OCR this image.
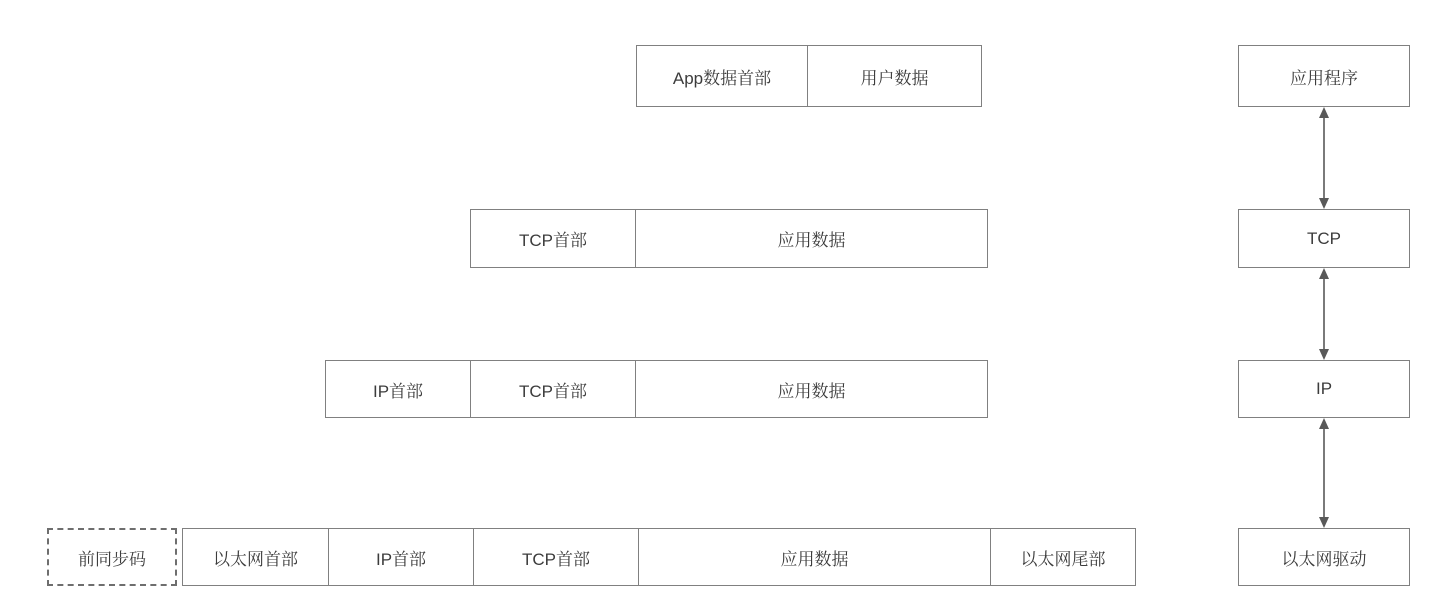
App数据首部	用户数据
TCP首部	应用数据
IP首部	TCP首部	应用数据
前同步码	以太网首部	IP首部	TCP首部	应用数据	以太网尾部
应用程序
TCP
IP
以太网驱动
